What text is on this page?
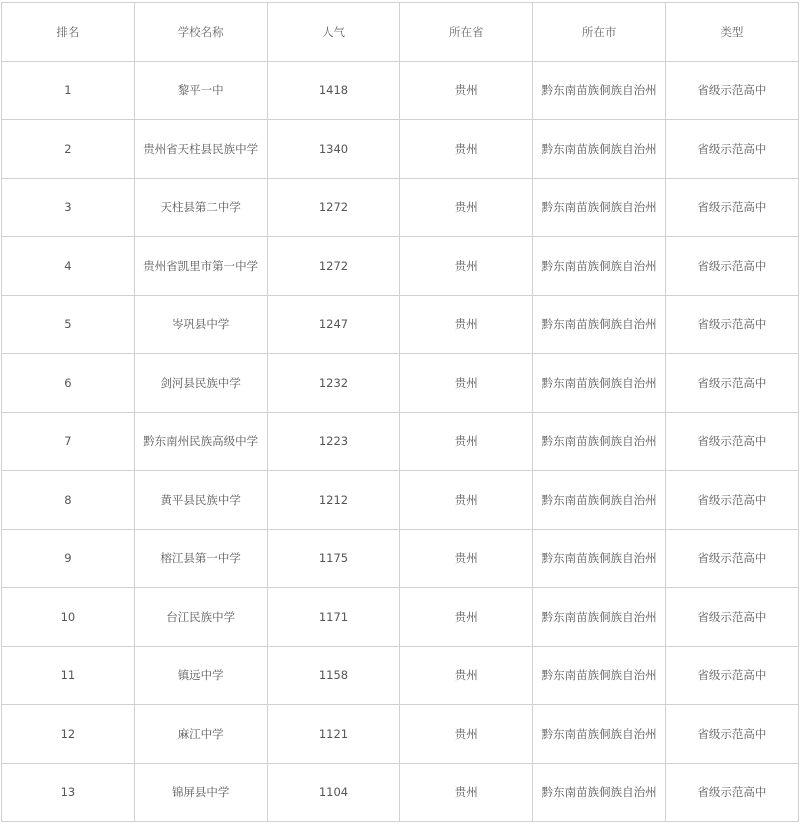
排名	学校名称	人气	所在省	所在市	类型
1	黎平一中	1418	贵州	黔东南苗族侗族自治州	省级示范高中
2	贵州省天柱县民族中学	1340	贵州	黔东南苗族侗族自治州	省级示范高中
3	天柱县第二中学	1272	贵州	黔东南苗族侗族自治州	省级示范高中
4	贵州省凯里市第一中学	1272	贵州	黔东南苗族侗族自治州	省级示范高中
5	岑巩县中学	1247	贵州	黔东南苗族侗族自治州	省级示范高中
6	剑河县民族中学	1232	贵州	黔东南苗族侗族自治州	省级示范高中
7	黔东南州民族高级中学	1223	贵州	黔东南苗族侗族自治州	省级示范高中
8	黄平县民族中学	1212	贵州	黔东南苗族侗族自治州	省级示范高中
9	榕江县第一中学	1175	贵州	黔东南苗族侗族自治州	省级示范高中
10	台江民族中学	1171	贵州	黔东南苗族侗族自治州	省级示范高中
11	镇远中学	1158	贵州	黔东南苗族侗族自治州	省级示范高中
12	麻江中学	1121	贵州	黔东南苗族侗族自治州	省级示范高中
13	锦屏县中学	1104	贵州	黔东南苗族侗族自治州	省级示范高中
